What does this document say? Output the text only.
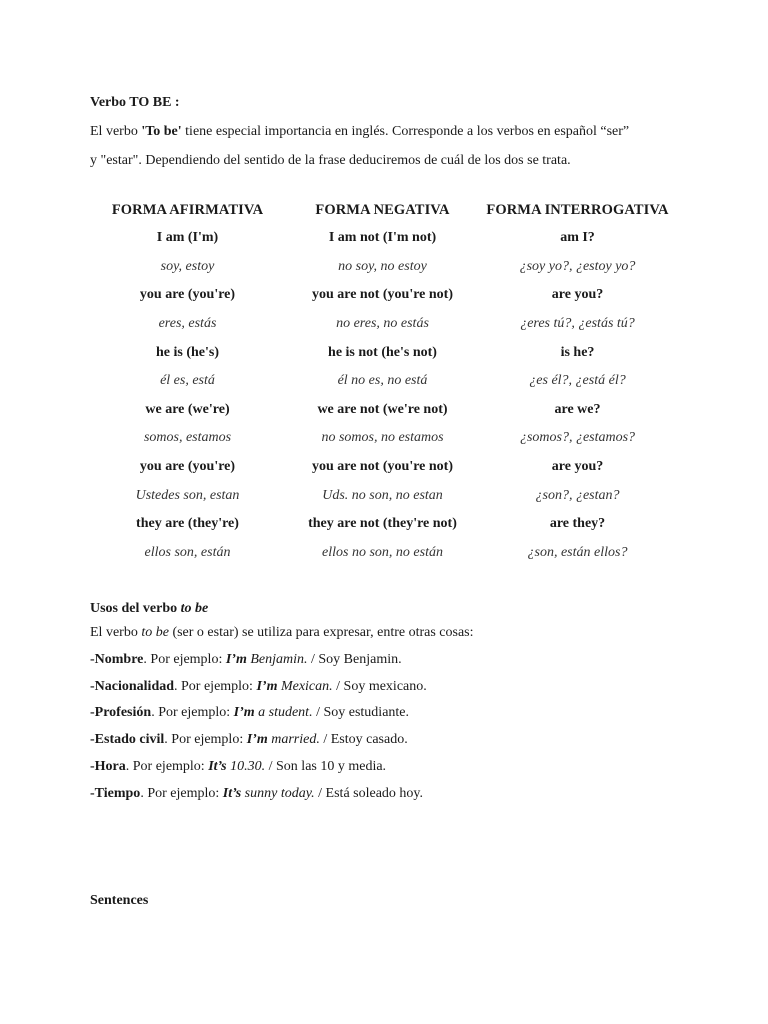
Verbo TO BE :

El verbo 'To be' tiene especial importancia en inglés. Corresponde a los verbos en español “ser”
y "estar". Dependiendo del sentido de la frase deduciremos de cuál de los dos se trata.

FORMA AFIRMATIVA	FORMA NEGATIVA	FORMA INTERROGATIVA
I am (I'm)	I am not (I'm not)	am I?
soy, estoy	no soy, no estoy	¿soy yo?, ¿estoy yo?
you are (you're)	you are not (you're not)	are you?
eres, estás	no eres, no estás	¿eres tú?, ¿estás tú?
he is (he's)	he is not (he's not)	is he?
él es, está	él no es, no está	¿es él?, ¿está él?
we are (we're)	we are not (we're not)	are we?
somos, estamos	no somos, no estamos	¿somos?, ¿estamos?
you are (you're)	you are not (you're not)	are you?
Ustedes son, estan	Uds. no son, no estan	¿son?, ¿estan?
they are (they're)	they are not (they're not)	are they?
ellos son, están	ellos no son, no están	¿son, están ellos?

Usos del verbo to be

El verbo to be (ser o estar) se utiliza para expresar, entre otras cosas:

-Nombre. Por ejemplo: I’m Benjamin. / Soy Benjamin.

-Nacionalidad. Por ejemplo: I’m Mexican. / Soy mexicano.

-Profesión. Por ejemplo: I’m a student. / Soy estudiante.

-Estado civil. Por ejemplo: I’m married. / Estoy casado.

-Hora. Por ejemplo: It’s 10.30. / Son las 10 y media.

-Tiempo. Por ejemplo: It’s sunny today. / Está soleado hoy.

Sentences
